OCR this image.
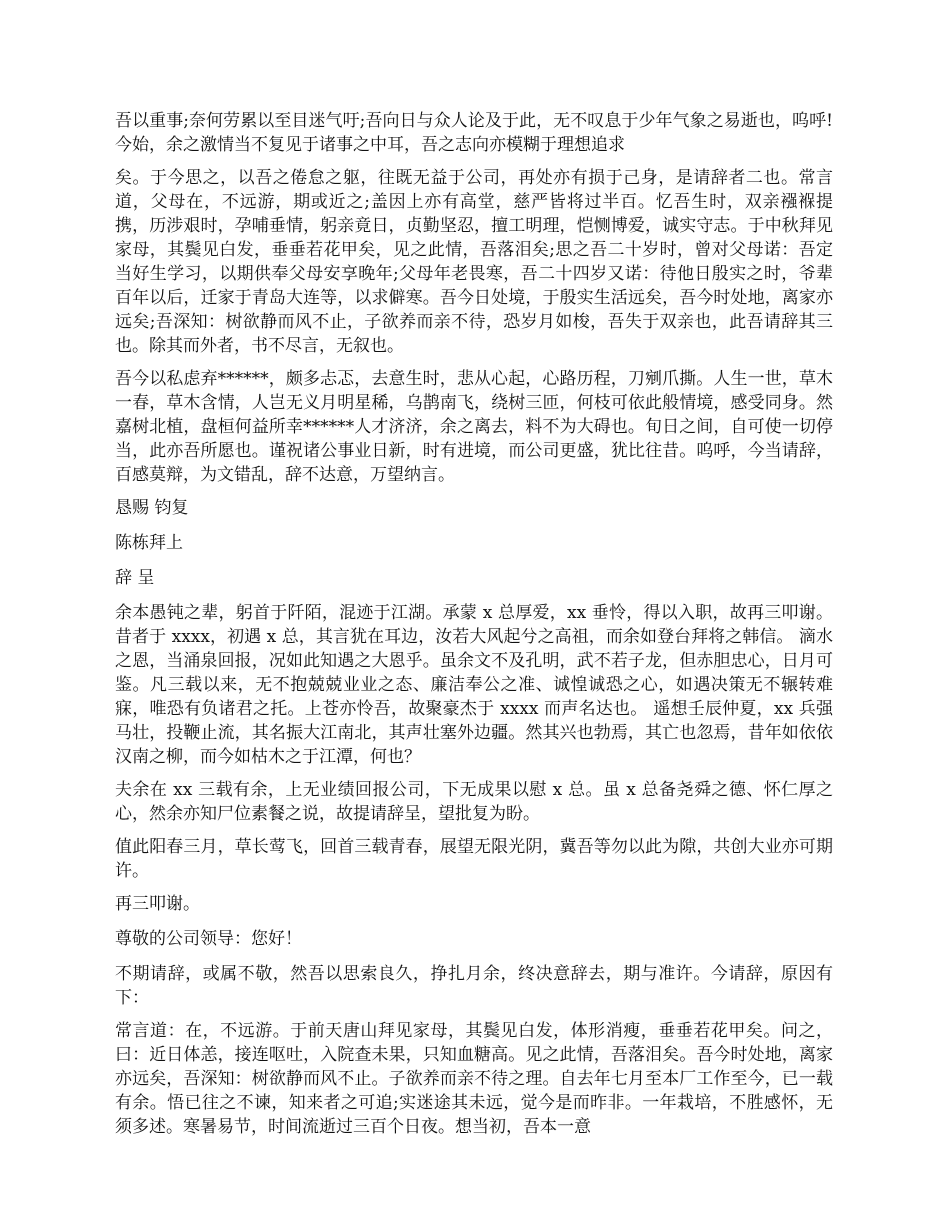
吾以重事;奈何劳累以至目迷气吁;吾向日与众人论及于此，无不叹息于少年气象之易逝也，呜呼!今始，余之激情当不复见于诸事之中耳，吾之志向亦模糊于理想追求

矣。于今思之，以吾之倦怠之躯，往既无益于公司，再处亦有损于己身，是请辞者二也。常言道，父母在，不远游，期或近之;盖因上亦有高堂，慈严皆将过半百。忆吾生时，双亲襁褓提携，历涉艰时，孕哺垂情，躬亲竟日，贞勤坚忍，擅工明理，恺恻博爱，诚实守志。于中秋拜见家母，其鬓见白发，垂垂若花甲矣，见之此情，吾落泪矣;思之吾二十岁时，曾对父母诺：吾定当好生学习，以期供奉父母安享晚年;父母年老畏寒，吾二十四岁又诺：待他日殷实之时，爷辈百年以后，迁家于青岛大连等，以求僻寒。吾今日处境，于殷实生活远矣，吾今时处地，离家亦远矣;吾深知：树欲静而风不止，子欲养而亲不待，恐岁月如梭，吾失于双亲也，此吾请辞其三也。除其而外者，书不尽言，无叙也。

吾今以私虑弃******，颇多忐忑，去意生时，悲从心起，心路历程，刀剜爪撕。人生一世，草木一春，草木含情，人岂无义月明星稀，乌鹊南飞，绕树三匝，何枝可依此般情境，感受同身。然嘉树北植，盘桓何益所幸******人才济济，余之离去，料不为大碍也。旬日之间，自可使一切停当，此亦吾所愿也。谨祝诸公事业日新，时有进境，而公司更盛，犹比往昔。呜呼，今当请辞，百感莫辩，为文错乱，辞不达意，万望纳言。

恳赐 钧复

陈栋拜上

辞 呈

余本愚钝之辈，躬首于阡陌，混迹于江湖。承蒙 x 总厚爱，xx 垂怜，得以入职，故再三叩谢。昔者于 xxxx，初遇 x 总，其言犹在耳边，汝若大风起兮之高祖，而余如登台拜将之韩信。 滴水之恩，当涌泉回报，况如此知遇之大恩乎。虽余文不及孔明，武不若子龙，但赤胆忠心，日月可鉴。凡三载以来，无不抱兢兢业业之态、廉洁奉公之准、诚惶诚恐之心，如遇决策无不辗转难寐，唯恐有负诸君之托。上苍亦怜吾，故聚豪杰于 xxxx 而声名达也。 遥想壬辰仲夏，xx 兵强马壮，投鞭止流，其名振大江南北，其声壮塞外边疆。然其兴也勃焉，其亡也忽焉，昔年如依依汉南之柳，而今如枯木之于江潭，何也？

夫余在 xx 三载有余，上无业绩回报公司，下无成果以慰 x 总。虽 x 总备尧舜之德、怀仁厚之心，然余亦知尸位素餐之说，故提请辞呈，望批复为盼。

值此阳春三月，草长莺飞，回首三载青春，展望无限光阴，冀吾等勿以此为隙，共创大业亦可期许。

再三叩谢。

尊敬的公司领导：您好！

不期请辞，或属不敬，然吾以思索良久，挣扎月余，终决意辞去，期与准许。今请辞，原因有下：

常言道：在，不远游。于前天唐山拜见家母，其鬓见白发，体形消瘦，垂垂若花甲矣。问之，曰：近日体恙，接连呕吐，入院查未果，只知血糖高。见之此情，吾落泪矣。吾今时处地，离家亦远矣，吾深知：树欲静而风不止。子欲养而亲不待之理。自去年七月至本厂工作至今，已一载有余。悟已往之不谏，知来者之可追;实迷途其未远，觉今是而昨非。一年栽培，不胜感怀，无须多述。寒暑易节，时间流逝过三百个日夜。想当初，吾本一意
